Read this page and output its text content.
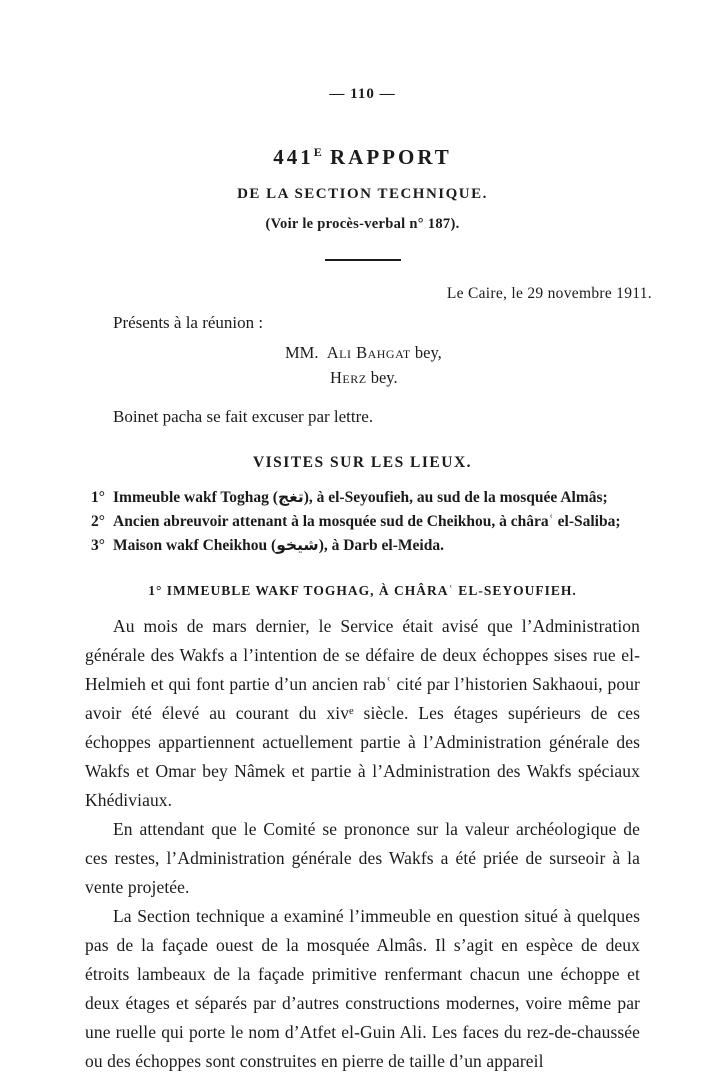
— 110 —
$441^E$ RAPPORT
DE LA SECTION TECHNIQUE.
(Voir le procès-verbal n° 187).
Le Caire, le 29 novembre 1911.
Présents à la réunion :
MM. Ali Bahgat bey,
Herz bey.
Boinet pacha se fait excuser par lettre.
VISITES SUR LES LIEUX.
1° Immeuble wakf Toghag (تغج), à el-Seyoufieh, au sud de la mosquée Almâs;
2° Ancien abreuvoir attenant à la mosquée sud de Cheikhou, à châraʿ el-Saliba;
3° Maison wakf Cheikhou (شيخو), à Darb el-Meida.
1° IMMEUBLE WAKF TOGHAG, À CHÂRAʿ EL-SEYOUFIEH.

Au mois de mars dernier, le Service était avisé que l’Administration générale des Wakfs a l’intention de se défaire de deux échoppes sises rue el-Helmieh et qui font partie d’un ancien rabʿ cité par l’historien Sakhaoui, pour avoir été élevé au courant du xivᵉ siècle. Les étages supérieurs de ces échoppes appartiennent actuellement partie à l’Administration générale des Wakfs et Omar bey Nâmek et partie à l’Administration des Wakfs spéciaux Khédiviaux.

En attendant que le Comité se prononce sur la valeur archéologique de ces restes, l’Administration générale des Wakfs a été priée de surseoir à la vente projetée.

La Section technique a examiné l’immeuble en question situé à quelques pas de la façade ouest de la mosquée Almâs. Il s’agit en espèce de deux étroits lambeaux de la façade primitive renfermant chacun une échoppe et deux étages et séparés par d’autres constructions modernes, voire même par une ruelle qui porte le nom d’Atfet el-Guin Ali. Les faces du rez-de-chaussée ou des échoppes sont construites en pierre de taille d’un appareil
